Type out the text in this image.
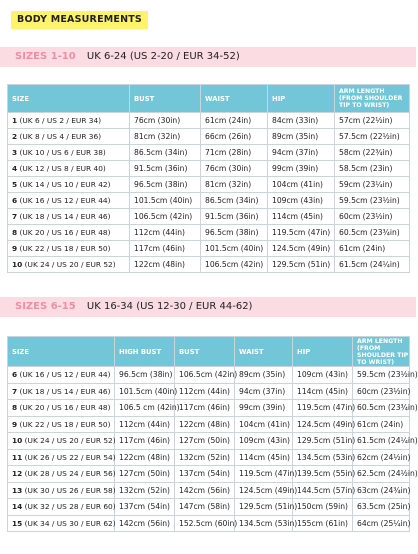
BODY MEASUREMENTS
SIZES 1-10 UK 6-24 (US 2-20 / EUR 34-52)
SIZE	BUST	WAIST	HIP	ARM LENGTH (FROM SHOULDER TIP TO WRIST)
1 (UK 6 / US 2 / EUR 34)	76cm (30in)	61cm (24in)	84cm (33in)	57cm (22½in)
2 (UK 8 / US 4 / EUR 36)	81cm (32in)	66cm (26in)	89cm (35in)	57.5cm (22½in)
3 (UK 10 / US 6 / EUR 38)	86.5cm (34in)	71cm (28in)	94cm (37in)	58cm (22¾in)
4 (UK 12 / US 8 / EUR 40)	91.5cm (36in)	76cm (30in)	99cm (39in)	58.5cm (23in)
5 (UK 14 / US 10 / EUR 42)	96.5cm (38in)	81cm (32in)	104cm (41in)	59cm (23¼in)
6 (UK 16 / US 12 / EUR 44)	101.5cm (40in)	86.5cm (34in)	109cm (43in)	59.5cm (23½in)
7 (UK 18 / US 14 / EUR 46)	106.5cm (42in)	91.5cm (36in)	114cm (45in)	60cm (23½in)
8 (UK 20 / US 16 / EUR 48)	112cm (44in)	96.5cm (38in)	119.5cm (47in)	60.5cm (23¾in)
9 (UK 22 / US 18 / EUR 50)	117cm (46in)	101.5cm (40in)	124.5cm (49in)	61cm (24in)
10 (UK 24 / US 20 / EUR 52)	122cm (48in)	106.5cm (42in)	129.5cm (51in)	61.5cm (24¼in)
SIZES 6-15 UK 16-34 (US 12-30 / EUR 44-62)
SIZE	HIGH BUST	BUST	WAIST	HIP	ARM LENGTH (FROM SHOULDER TIP TO WRIST)
6 (UK 16 / US 12 / EUR 44)	96.5cm (38in)	106.5cm (42in)	89cm (35in)	109cm (43in)	59.5cm (23½in)
7 (UK 18 / US 14 / EUR 46)	101.5cm (40in)	112cm (44in)	94cm (37in)	114cm (45in)	60cm (23½in)
8 (UK 20 / US 16 / EUR 48)	106.5 cm (42in)	117cm (46in)	99cm (39in)	119.5cm (47in)	60.5cm (23¾in)
9 (UK 22 / US 18 / EUR 50)	112cm (44in)	122cm (48in)	104cm (41in)	124.5cm (49in)	61cm (24in)
10 (UK 24 / US 20 / EUR 52)	117cm (46in)	127cm (50in)	109cm (43in)	129.5cm (51in)	61.5cm (24¼in)
11 (UK 26 / US 22 / EUR 54)	122cm (48in)	132cm (52in)	114cm (45in)	134.5cm (53in)	62cm (24½in)
12 (UK 28 / US 24 / EUR 56)	127cm (50in)	137cm (54in)	119.5cm (47in)	139.5cm (55in)	62.5cm (24½in)
13 (UK 30 / US 26 / EUR 58)	132cm (52in)	142cm (56in)	124.5cm (49in)	144.5cm (57in)	63cm (24¾in)
14 (UK 32 / US 28 / EUR 60)	137cm (54in)	147cm (58in)	129.5cm (51in)	150cm (59in)	63.5cm (25in)
15 (UK 34 / US 30 / EUR 62)	142cm (56in)	152.5cm (60in)	134.5cm (53in)	155cm (61in)	64cm (25¼in)
